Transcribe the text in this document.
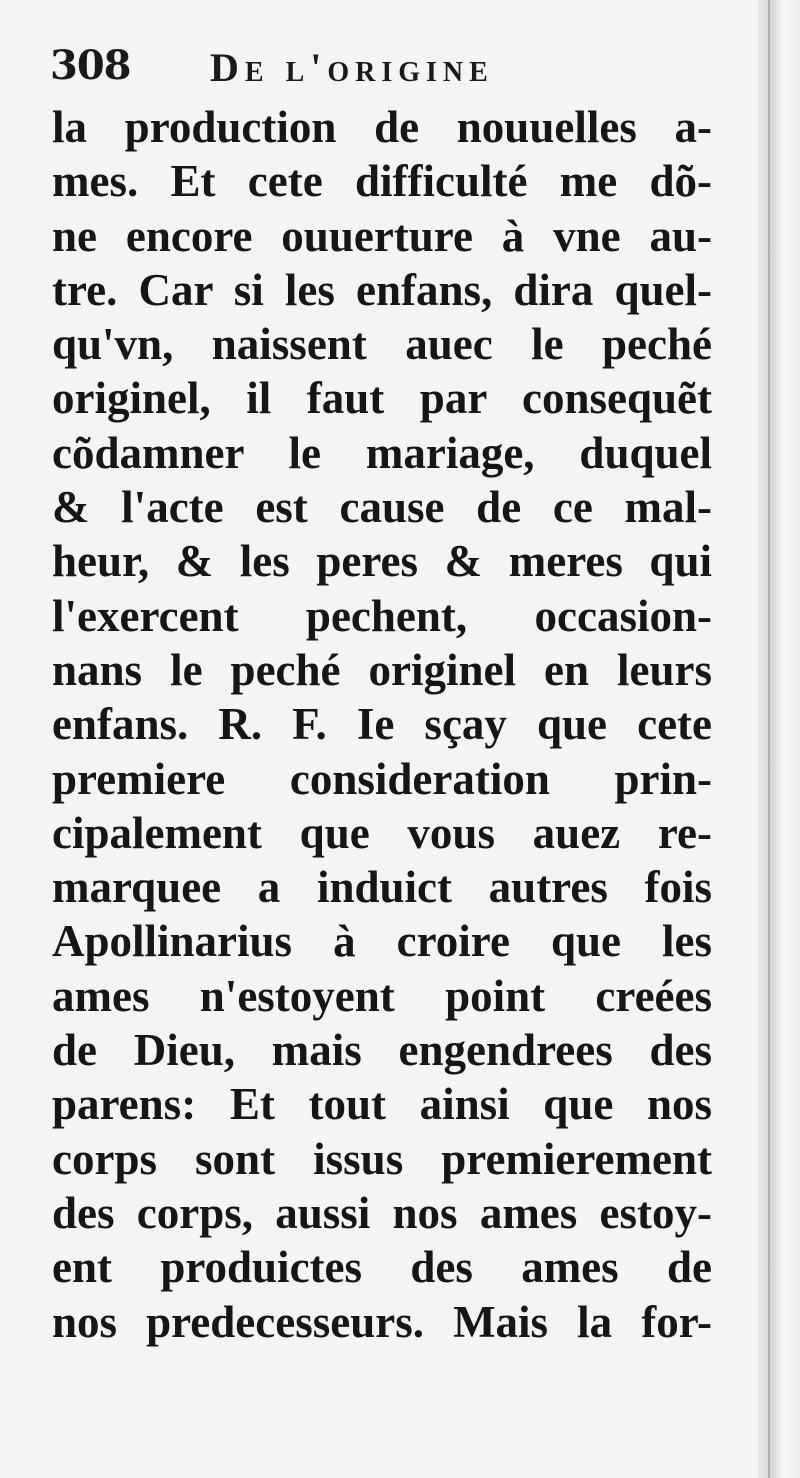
308 De l'origine
la production de nouuelles a-
mes. Et cete difficulté me dõ-
ne encore ouuerture à vne au-
tre. Car si les enfans, dira quel-
qu'vn, naissent auec le peché
originel, il faut par consequẽt
cõdamner le mariage, duquel
& l'acte est cause de ce mal-
heur, & les peres & meres qui
l'exercent pechent, occasion-
nans le peché originel en leurs
enfans. R. F. Ie sçay que cete
premiere consideration prin-
cipalement que vous auez re-
marquee a induict autres fois
Apollinarius à croire que les
ames n'estoyent point creées
de Dieu, mais engendrees des
parens: Et tout ainsi que nos
corps sont issus premierement
des corps, aussi nos ames estoy-
ent produictes des ames de
nos predecesseurs. Mais la for-
